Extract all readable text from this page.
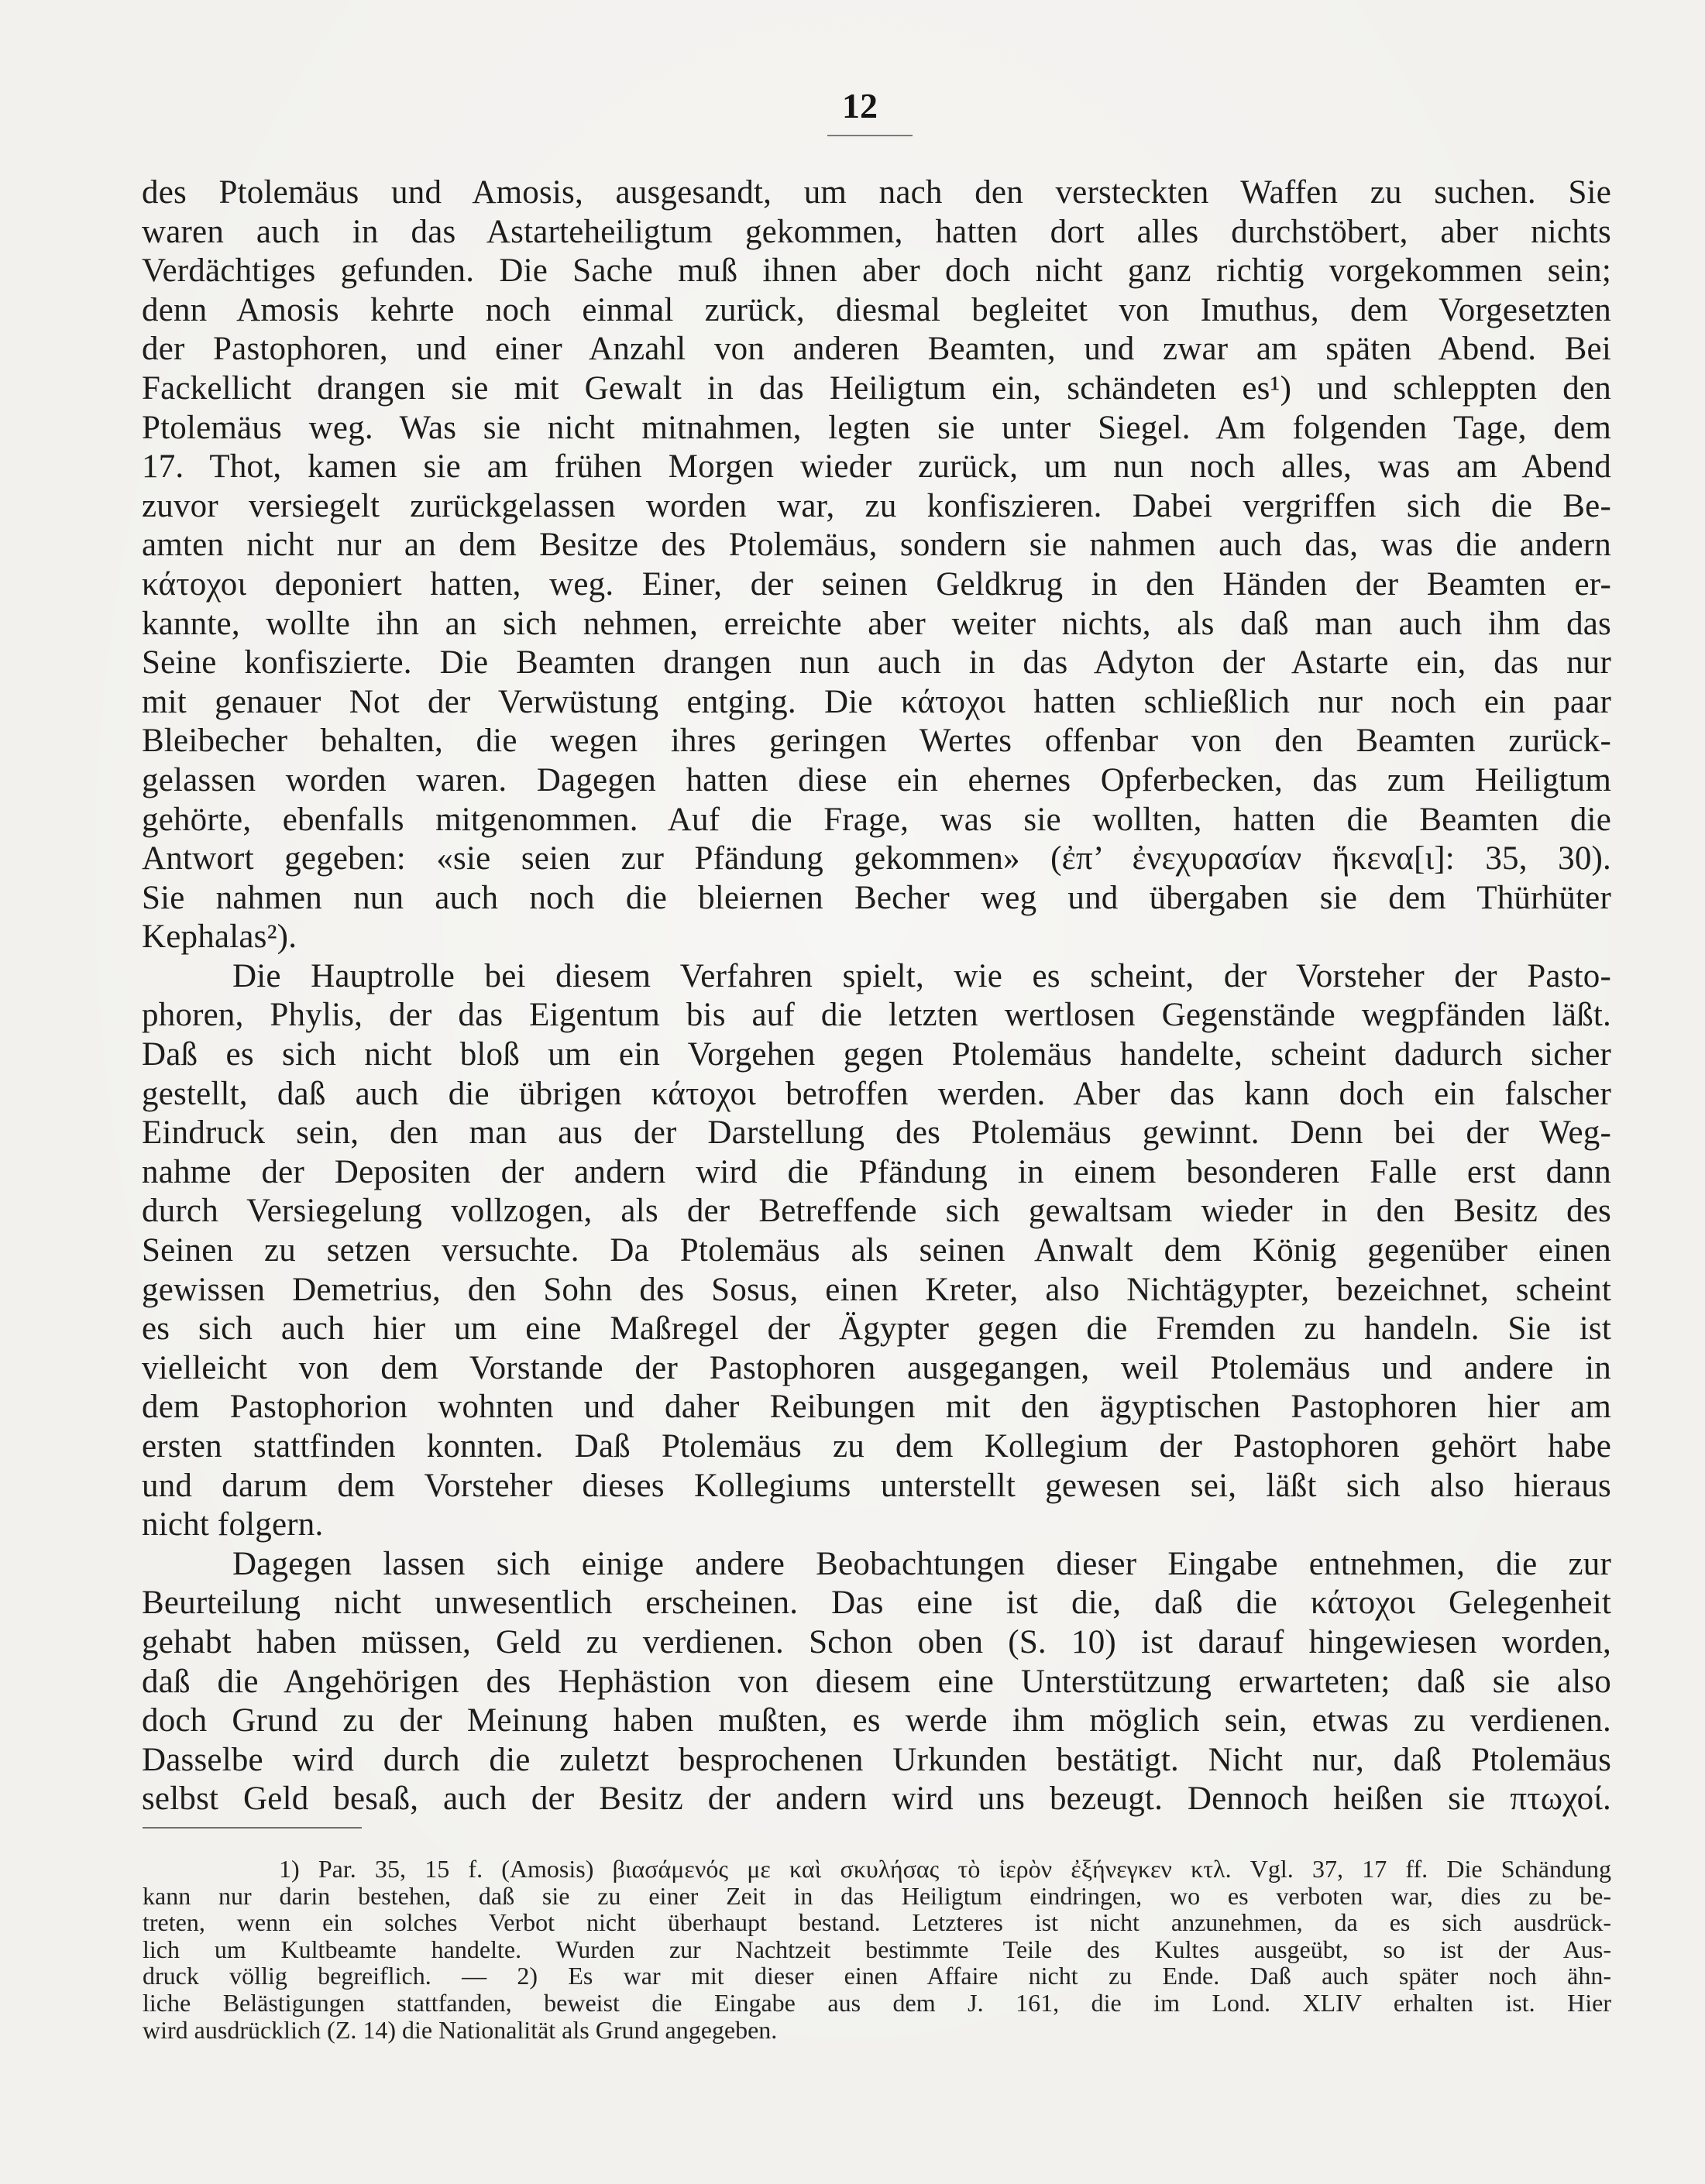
12
des Ptolemäus und Amosis, ausgesandt, um nach den versteckten Waffen zu suchen. Sie
waren auch in das Astarteheiligtum gekommen, hatten dort alles durchstöbert, aber nichts
Verdächtiges gefunden. Die Sache muß ihnen aber doch nicht ganz richtig vorgekommen sein;
denn Amosis kehrte noch einmal zurück, diesmal begleitet von Imuthus, dem Vorgesetzten
der Pastophoren, und einer Anzahl von anderen Beamten, und zwar am späten Abend. Bei
Fackellicht drangen sie mit Gewalt in das Heiligtum ein, schändeten es¹) und schleppten den
Ptolemäus weg. Was sie nicht mitnahmen, legten sie unter Siegel. Am folgenden Tage, dem
17. Thot, kamen sie am frühen Morgen wieder zurück, um nun noch alles, was am Abend
zuvor versiegelt zurückgelassen worden war, zu konfiszieren. Dabei vergriffen sich die Be-
amten nicht nur an dem Besitze des Ptolemäus, sondern sie nahmen auch das, was die andern
κάτοχοι deponiert hatten, weg. Einer, der seinen Geldkrug in den Händen der Beamten er-
kannte, wollte ihn an sich nehmen, erreichte aber weiter nichts, als daß man auch ihm das
Seine konfiszierte. Die Beamten drangen nun auch in das Adyton der Astarte ein, das nur
mit genauer Not der Verwüstung entging. Die κάτοχοι hatten schließlich nur noch ein paar
Bleibecher behalten, die wegen ihres geringen Wertes offenbar von den Beamten zurück-
gelassen worden waren. Dagegen hatten diese ein ehernes Opferbecken, das zum Heiligtum
gehörte, ebenfalls mitgenommen. Auf die Frage, was sie wollten, hatten die Beamten die
Antwort gegeben: «sie seien zur Pfändung gekommen» (ἐπ’ ἐνεχυρασίαν ἥκενα[ι]: 35, 30).
Sie nahmen nun auch noch die bleiernen Becher weg und übergaben sie dem Thürhüter
Kephalas²).
Die Hauptrolle bei diesem Verfahren spielt, wie es scheint, der Vorsteher der Pasto-
phoren, Phylis, der das Eigentum bis auf die letzten wertlosen Gegenstände wegpfänden läßt.
Daß es sich nicht bloß um ein Vorgehen gegen Ptolemäus handelte, scheint dadurch sicher
gestellt, daß auch die übrigen κάτοχοι betroffen werden. Aber das kann doch ein falscher
Eindruck sein, den man aus der Darstellung des Ptolemäus gewinnt. Denn bei der Weg-
nahme der Depositen der andern wird die Pfändung in einem besonderen Falle erst dann
durch Versiegelung vollzogen, als der Betreffende sich gewaltsam wieder in den Besitz des
Seinen zu setzen versuchte. Da Ptolemäus als seinen Anwalt dem König gegenüber einen
gewissen Demetrius, den Sohn des Sosus, einen Kreter, also Nichtägypter, bezeichnet, scheint
es sich auch hier um eine Maßregel der Ägypter gegen die Fremden zu handeln. Sie ist
vielleicht von dem Vorstande der Pastophoren ausgegangen, weil Ptolemäus und andere in
dem Pastophorion wohnten und daher Reibungen mit den ägyptischen Pastophoren hier am
ersten stattfinden konnten. Daß Ptolemäus zu dem Kollegium der Pastophoren gehört habe
und darum dem Vorsteher dieses Kollegiums unterstellt gewesen sei, läßt sich also hieraus
nicht folgern.
Dagegen lassen sich einige andere Beobachtungen dieser Eingabe entnehmen, die zur
Beurteilung nicht unwesentlich erscheinen. Das eine ist die, daß die κάτοχοι Gelegenheit
gehabt haben müssen, Geld zu verdienen. Schon oben (S. 10) ist darauf hingewiesen worden,
daß die Angehörigen des Hephästion von diesem eine Unterstützung erwarteten; daß sie also
doch Grund zu der Meinung haben mußten, es werde ihm möglich sein, etwas zu verdienen.
Dasselbe wird durch die zuletzt besprochenen Urkunden bestätigt. Nicht nur, daß Ptolemäus
selbst Geld besaß, auch der Besitz der andern wird uns bezeugt. Dennoch heißen sie πτωχοί.
1) Par. 35, 15 f. (Amosis) βιασάμενός με καὶ σκυλήσας τὸ ἱερὸν ἐξήνεγκεν κτλ. Vgl. 37, 17 ff. Die Schändung
kann nur darin bestehen, daß sie zu einer Zeit in das Heiligtum eindringen, wo es verboten war, dies zu be-
treten, wenn ein solches Verbot nicht überhaupt bestand. Letzteres ist nicht anzunehmen, da es sich ausdrück-
lich um Kultbeamte handelte. Wurden zur Nachtzeit bestimmte Teile des Kultes ausgeübt, so ist der Aus-
druck völlig begreiflich. — 2) Es war mit dieser einen Affaire nicht zu Ende. Daß auch später noch ähn-
liche Belästigungen stattfanden, beweist die Eingabe aus dem J. 161, die im Lond. XLIV erhalten ist. Hier
wird ausdrücklich (Z. 14) die Nationalität als Grund angegeben.
